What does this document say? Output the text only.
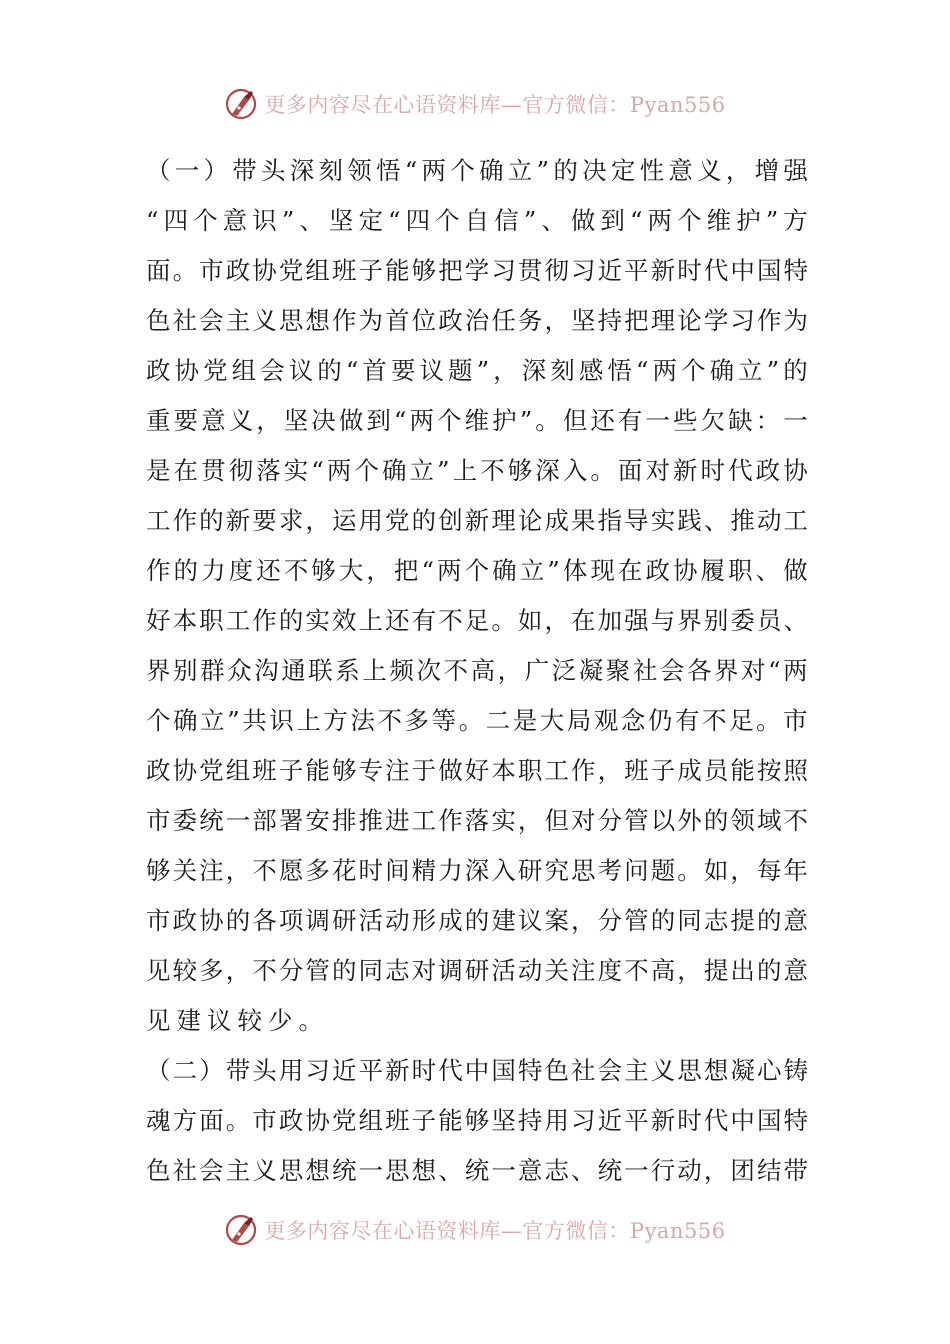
更多内容尽在心语资料库—官方微信：Pyan556
（ 一 ） 带 头 深 刻 领 悟 “ 两 个 确 立 ” 的 决 定 性 意 义 ， 增 强
“ 四 个 意 识 ” 、 坚 定 “ 四 个 自 信 ” 、 做 到 “ 两 个 维 护 ” 方
面 。 市 政 协 党 组 班 子 能 够 把 学 习 贯 彻 习 近 平 新 时 代 中 国 特
色 社 会 主 义 思 想 作 为 首 位 政 治 任 务 ， 坚 持 把 理 论 学 习 作 为
政 协 党 组 会 议 的 “ 首 要 议 题 ” ， 深 刻 感 悟 “ 两 个 确 立 ” 的
重 要 意 义 ， 坚 决 做 到 “ 两 个 维 护 ” 。 但 还 有 一 些 欠 缺 ： 一
是 在 贯 彻 落 实 “ 两 个 确 立 ” 上 不 够 深 入 。 面 对 新 时 代 政 协
工 作 的 新 要 求 ， 运 用 党 的 创 新 理 论 成 果 指 导 实 践 、 推 动 工
作 的 力 度 还 不 够 大 ， 把 “ 两 个 确 立 ” 体 现 在 政 协 履 职 、 做
好 本 职 工 作 的 实 效 上 还 有 不 足 。 如 ， 在 加 强 与 界 别 委 员 、
界 别 群 众 沟 通 联 系 上 频 次 不 高 ， 广 泛 凝 聚 社 会 各 界 对 “ 两
个 确 立 ” 共 识 上 方 法 不 多 等 。 二 是 大 局 观 念 仍 有 不 足 。 市
政 协 党 组 班 子 能 够 专 注 于 做 好 本 职 工 作 ， 班 子 成 员 能 按 照
市 委 统 一 部 署 安 排 推 进 工 作 落 实 ， 但 对 分 管 以 外 的 领 域 不
够 关 注 ， 不 愿 多 花 时 间 精 力 深 入 研 究 思 考 问 题 。 如 ， 每 年
市 政 协 的 各 项 调 研 活 动 形 成 的 建 议 案 ， 分 管 的 同 志 提 的 意
见 较 多 ， 不 分 管 的 同 志 对 调 研 活 动 关 注 度 不 高 ， 提 出 的 意
见建议较少。
（ 二 ） 带 头 用 习 近 平 新 时 代 中 国 特 色 社 会 主 义 思 想 凝 心 铸
魂 方 面 。 市 政 协 党 组 班 子 能 够 坚 持 用 习 近 平 新 时 代 中 国 特
色 社 会 主 义 思 想 统 一 思 想 、 统 一 意 志 、 统 一 行 动 ， 团 结 带
更多内容尽在心语资料库—官方微信：Pyan556
